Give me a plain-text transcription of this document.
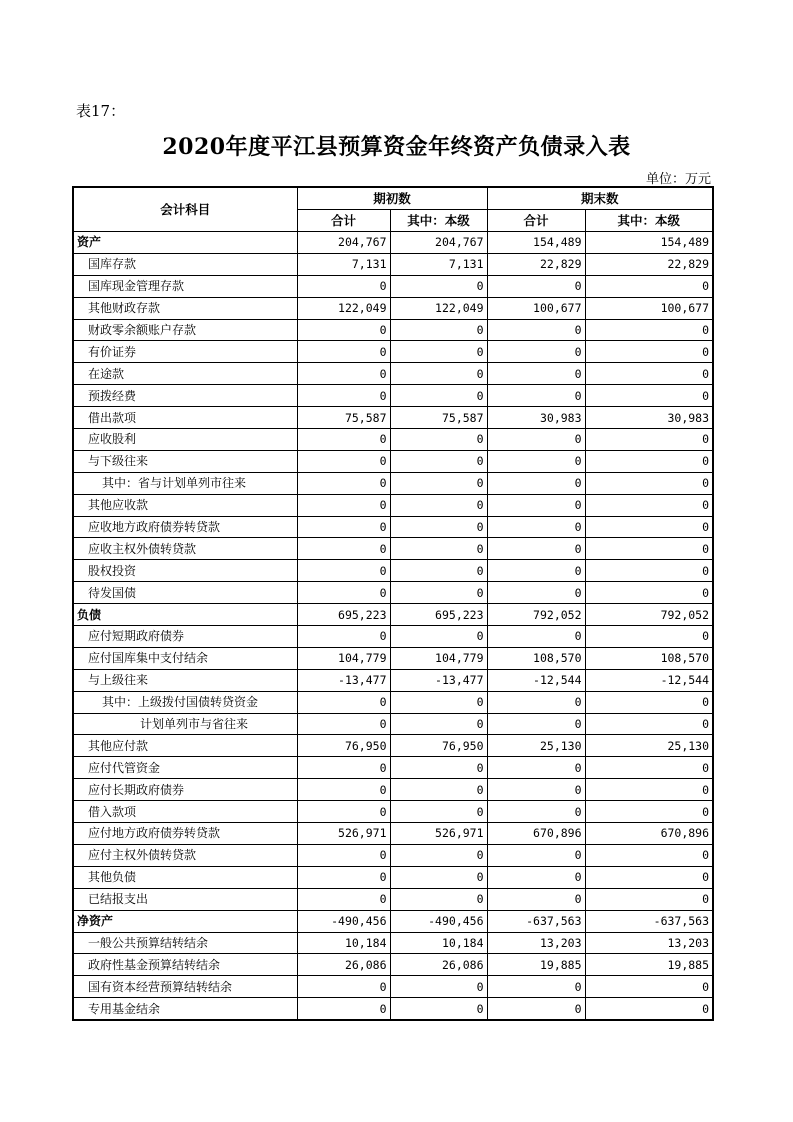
表17：
2020年度平江县预算资金年终资产负债录入表
单位：万元
会计科目	期初数		期末数	
	合计	其中：本级	合计	其中：本级
资产	204,767	204,767	154,489	154,489
国库存款	7,131	7,131	22,829	22,829
国库现金管理存款	0	0	0	0
其他财政存款	122,049	122,049	100,677	100,677
财政零余额账户存款	0	0	0	0
有价证券	0	0	0	0
在途款	0	0	0	0
预拨经费	0	0	0	0
借出款项	75,587	75,587	30,983	30,983
应收股利	0	0	0	0
与下级往来	0	0	0	0
其中：省与计划单列市往来	0	0	0	0
其他应收款	0	0	0	0
应收地方政府债券转贷款	0	0	0	0
应收主权外债转贷款	0	0	0	0
股权投资	0	0	0	0
待发国债	0	0	0	0
负债	695,223	695,223	792,052	792,052
应付短期政府债券	0	0	0	0
应付国库集中支付结余	104,779	104,779	108,570	108,570
与上级往来	-13,477	-13,477	-12,544	-12,544
其中：上级拨付国债转贷资金	0	0	0	0
计划单列市与省往来	0	0	0	0
其他应付款	76,950	76,950	25,130	25,130
应付代管资金	0	0	0	0
应付长期政府债券	0	0	0	0
借入款项	0	0	0	0
应付地方政府债券转贷款	526,971	526,971	670,896	670,896
应付主权外债转贷款	0	0	0	0
其他负债	0	0	0	0
已结报支出	0	0	0	0
净资产	-490,456	-490,456	-637,563	-637,563
一般公共预算结转结余	10,184	10,184	13,203	13,203
政府性基金预算结转结余	26,086	26,086	19,885	19,885
国有资本经营预算结转结余	0	0	0	0
专用基金结余	0	0	0	0
